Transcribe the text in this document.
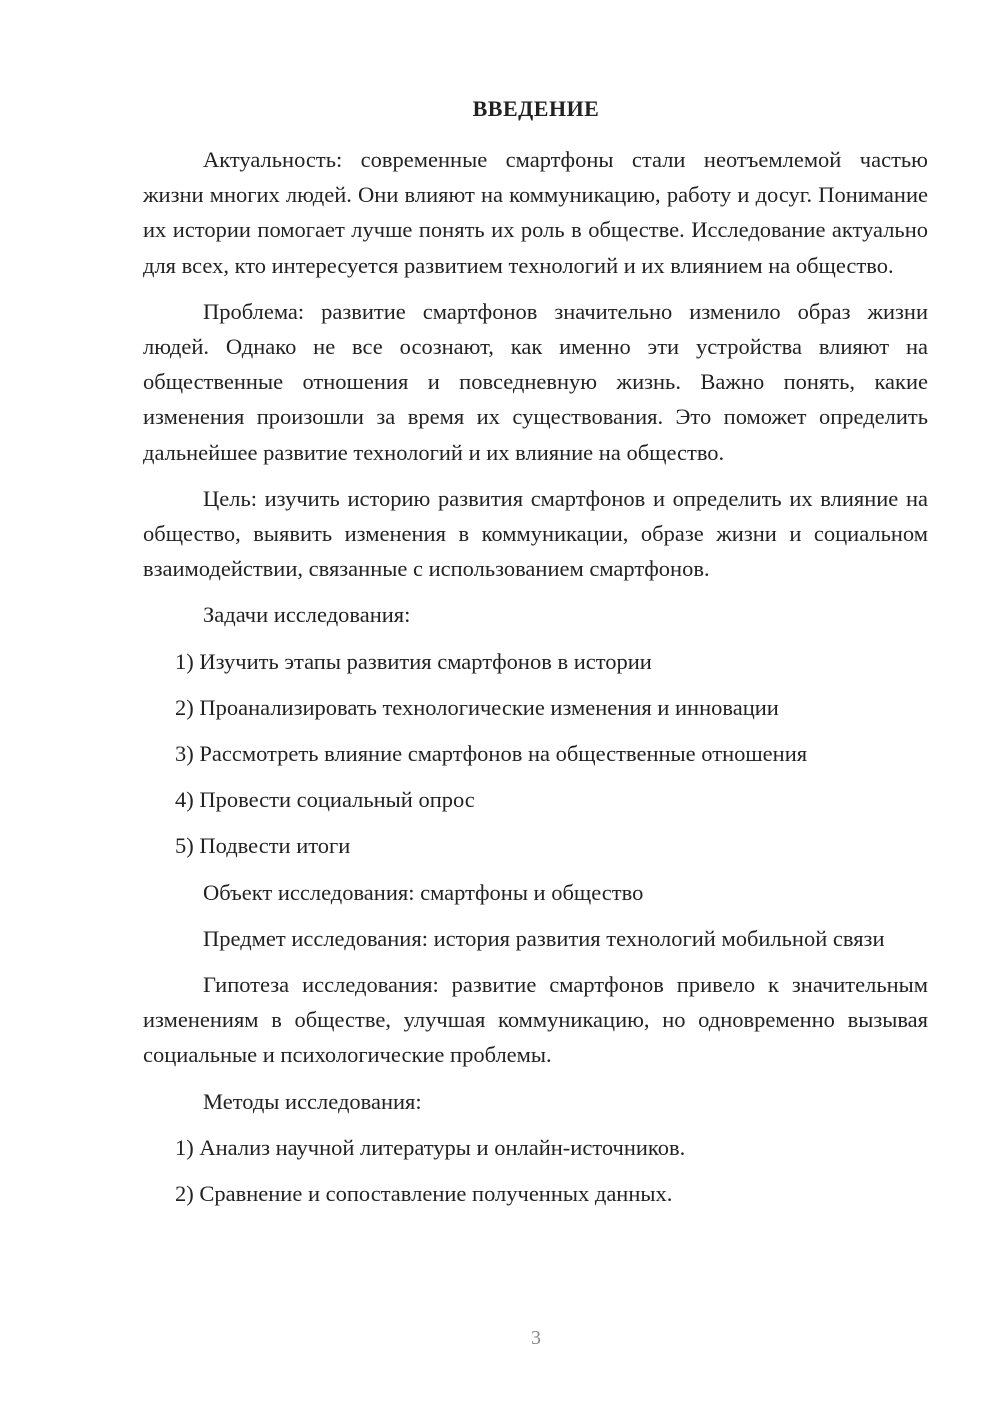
ВВЕДЕНИЕ

Актуальность: современные смартфоны стали неотъемлемой частью жизни многих людей. Они влияют на коммуникацию, работу и досуг. Понимание их истории помогает лучше понять их роль в обществе. Исследование актуально для всех, кто интересуется развитием технологий и их влиянием на общество.

Проблема: развитие смартфонов значительно изменило образ жизни людей. Однако не все осознают, как именно эти устройства влияют на общественные отношения и повседневную жизнь. Важно понять, какие изменения произошли за время их существования. Это поможет определить дальнейшее развитие технологий и их влияние на общество.

Цель: изучить историю развития смартфонов и определить их влияние на общество, выявить изменения в коммуникации, образе жизни и социальном взаимодействии, связанные с использованием смартфонов.

Задачи исследования:

1) Изучить этапы развития смартфонов в истории

2) Проанализировать технологические изменения и инновации

3) Рассмотреть влияние смартфонов на общественные отношения

4) Провести социальный опрос

5) Подвести итоги

Объект исследования: смартфоны и общество

Предмет исследования: история развития технологий мобильной связи

Гипотеза исследования: развитие смартфонов привело к значительным изменениям в обществе, улучшая коммуникацию, но одновременно вызывая социальные и психологические проблемы.

Методы исследования:

1) Анализ научной литературы и онлайн-источников.

2) Сравнение и сопоставление полученных данных.

3
